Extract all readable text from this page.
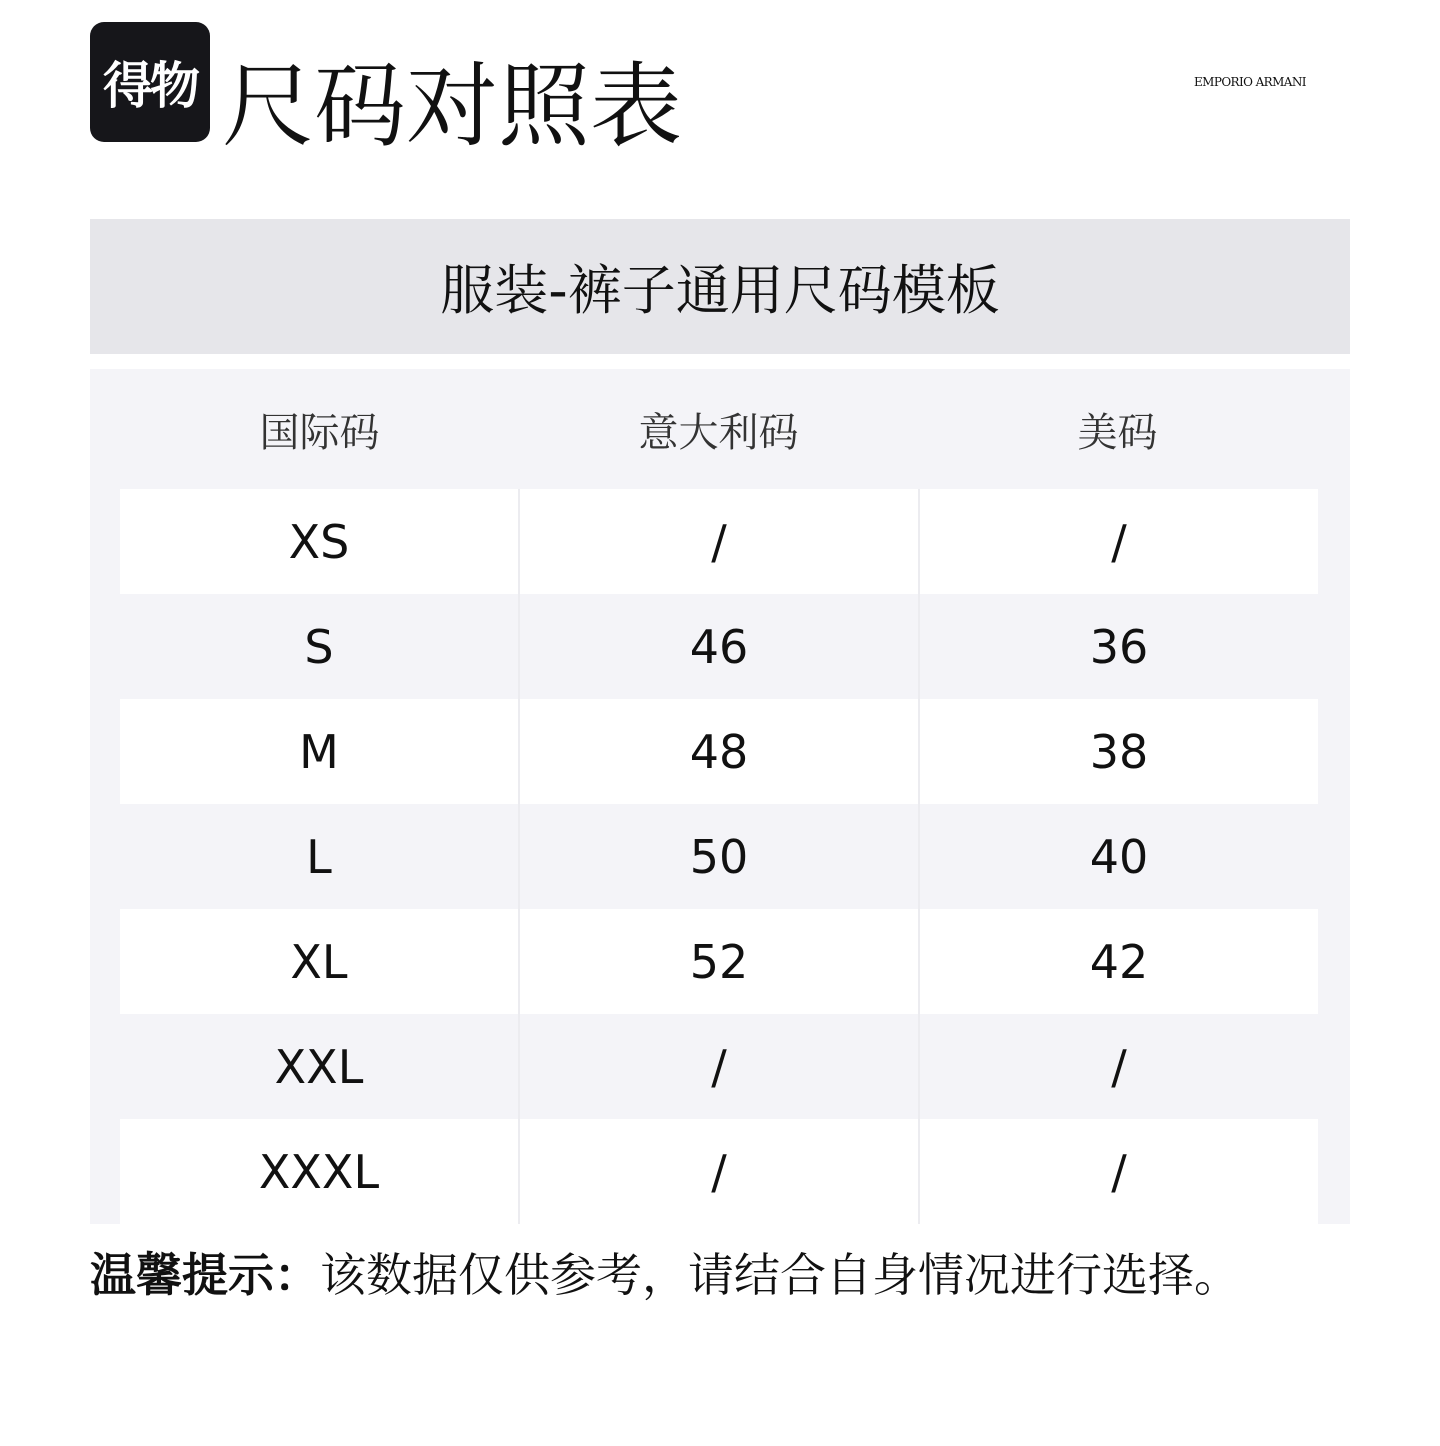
得物 尺码对照表	EMPORIO ARMANI
服装-裤子通用尺码模板
国际码	意大利码	美码
XS	/	/
S	46	36
M	48	38
L	50	40
XL	52	42
XXL	/	/
XXXL	/	/
温馨提示：该数据仅供参考，请结合自身情况进行选择。
